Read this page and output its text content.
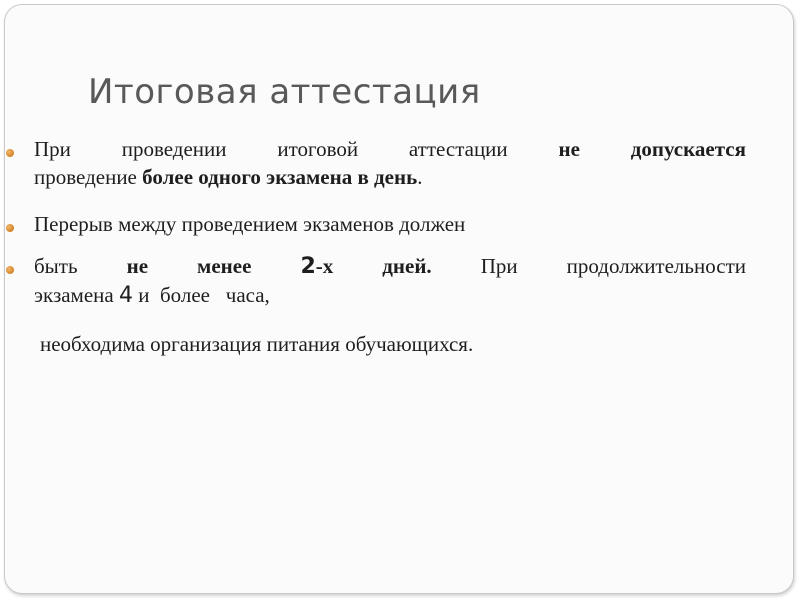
Итоговая аттестация

При проведении итоговой аттестации не допускается
проведение более одного экзамена в день.

Перерыв между проведением экзаменов должен

быть не менее 2-х дней. При продолжительности
экзамена 4 и  более   часа,

необходима организация питания обучающихся.
